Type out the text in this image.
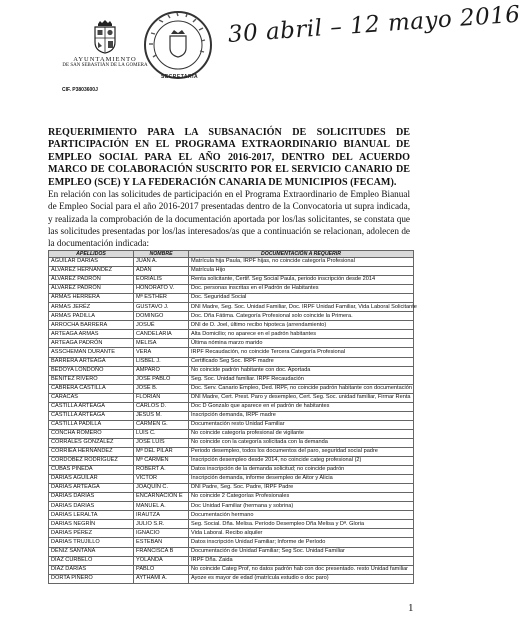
AYUNTAMIENTO
DE SAN SEBASTIÁN DE LA GOMERA
CIF. P3803600J
SECRETARÍA
30 abril – 12 mayo 2016
REQUERIMIENTO PARA LA SUBSANACIÓN DE SOLICITUDES DE PARTICIPACIÓN EN EL PROGRAMA EXTRAORDINARIO BIANUAL DE EMPLEO SOCIAL PARA EL AÑO 2016-2017, DENTRO DEL ACUERDO MARCO DE COLABORACIÓN SUSCRITO POR EL SERVICIO CANARIO DE EMPLEO (SCE) Y LA FEDERACIÓN CANARIA DE MUNICIPIOS (FECAM).
En relación con las solicitudes de participación en el Programa Extraordinario de Empleo Bianual de Empleo Social para el año 2016-2017 presentadas dentro de la Convocatoria ut supra indicada, y realizada la comprobación de la documentación aportada por los/las solicitantes, se constata que las solicitudes presentadas por los/las interesados/as que a continuación se relacionan, adolecen de la documentación indicada:
APELLIDOS	NOMBRE	DOCUMENTACIÓN A REQUERIR
AGUILAR DARIAS	JUAN A.	Matrícula hija Paula, IRPF hijas, no coincide categoría Profesional
ÁLVAREZ HERNÁNDEZ	ADÁN	Matrícula Hijo
ÁLVAREZ PADRÓN	EORIALIS	Renta solicitante, Certif. Seg Social Paula, periodo inscripción desde 2014
ÁLVAREZ PADRÓN	HONORATO V.	Doc. personas inscritas en el Padrón de Habitantes
ARMAS HERRERA	Mª ESTHER	Doc. Seguridad Social
ARMAS JERÉZ	GUSTAVO J.	DNI Madre, Seg. Soc. Unidad Familiar, Doc. IRPF Unidad Familiar, Vida Laboral Solicitante
ARMAS PADILLA	DOMINGO	Doc. Dña Fátima. Categoría Profesional solo coincide la Primera.
ARROCHA BARRERA	JOSUÉ	DNI de D. Joel, último recibo hipoteca (arrendamiento)
ARTEAGA ARMAS	CANDELARIA	Alta Domicilio; no aparece en el padrón habitantes
ARTEAGA PADRÓN	MELISA	Última nómina marzo marido
ASSCHEMAN DURANTE	VERA	IRPF Recaudación, no coincide Tercera Categoría Profesional
BARRERA ARTEAGA	LISBEL J.	Certificado Seg Soc. IRPF madre
BEDOYA LONDOÑO	AMPARO	No coincide padrón habitante con doc. Aportada
BENITEZ RIVERO	JOSÉ PABLO	Seg. Soc. Unidad familiar. IRPF Recaudación
CABRERA CASTILLA	JOSÉ B.	Doc. Serv. Canario Empleo, Ded. IRPF, no coincide padrón habitante con documentación
CARACAS	FLORIAN	DNI Madre, Cert. Prest. Paro y desempleo, Cert. Seg. Soc. unidad familiar, Firmar Renta
CASTILLA ARTEAGA	CARLOS D.	Doc D Gonzalo que aparece en el padrón de habitantes
CASTILLA ARTEAGA	JESÚS M.	Inscripción demanda, IRPF madre
CASTILLA PADILLA	CARMEN G.	Documentación resto Unidad Familiar
CONCHA ROMERO	LUIS C.	No coincide categoría profesional de vigilante
CORRALES GONZÁLEZ	JOSÉ LUIS	No coincide con la categoría solicitada con la demanda
CORRIEA HERNÁNDEZ	Mª DEL PILAR	Periodo desempleo, todos los documentos del paro, seguridad social padre
CORDOBEZ RODRÍGUEZ	Mª CARMEN	Inscripción desempleo desde 2014, no coincide categ profesional (2)
CUBAS PINEDA	ROBERT A.	Datos inscripción de la demanda solicitud; no coincide padrón
DARIAS AGUILAR	VÍCTOR	Inscripción demanda, informe desempleo de Aitor y Alicia
DARIAS ARTEAGA	JOAQUÍN C.	DNI Padre, Seg. Soc. Padre, IRPF Padre
DARIAS DARIAS	ENCARNACIÓN E	No coincide 2 Categorías Profesionales
DARIAS DARIAS	MANUEL A.	Doc Unidad Familiar (hermana y sobrina)
DARIAS LERALTA	IRAUTZA	Documentación hermano
DARIAS NEGRÍN	JULIO S.R.	Seg. Social. Dña. Melisa. Período Desempleo Dña Melisa y Dª. Gloria
DARIAS PÉREZ	IGNACIO	Vida Laboral. Recibo alquiler
DARIAS TRUJILLO	ESTEBAN	Datos inscripción Unidad Familiar; Informe de Período
DÉNIZ SANTANA	FRANCISCA B	Documentación de Unidad Familiar; Seg Soc. Unidad Familiar
DÍAZ CURBELO	YOLANDA	IRPF Dña. Zaida
DÍAZ DARIAS	PABLO	No coincide Categ Prof, no datos padrón hab con doc presentado. resto Unidad familiar
DORTA PIÑERO	AYTHAMI A.	Ayoze es mayor de edad (matrícula estudio o doc paro)
1
